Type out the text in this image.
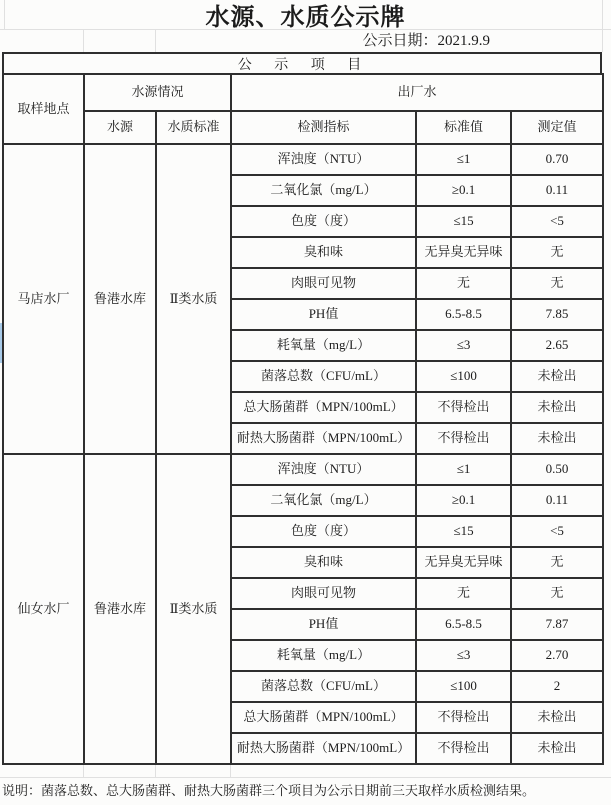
水源、水质公示牌
公示日期：2021.9.9
公 示 项 目
取样地点	水源情况		出厂水		
	水源	水质标准	检测指标	标准值	测定值
马店水厂	鲁港水库	Ⅱ类水质	浑浊度（NTU）	≤1	0.70
			二氧化氯（mg/L）	≥0.1	0.11
			色度（度）	≤15	<5
			臭和味	无异臭无异味	无
			肉眼可见物	无	无
			PH值	6.5-8.5	7.85
			耗氧量（mg/L）	≤3	2.65
			菌落总数（CFU/mL）	≤100	未检出
			总大肠菌群（MPN/100mL）	不得检出	未检出
			耐热大肠菌群（MPN/100mL）	不得检出	未检出
仙女水厂	鲁港水库	Ⅱ类水质	浑浊度（NTU）	≤1	0.50
			二氧化氯（mg/L）	≥0.1	0.11
			色度（度）	≤15	<5
			臭和味	无异臭无异味	无
			肉眼可见物	无	无
			PH值	6.5-8.5	7.87
			耗氧量（mg/L）	≤3	2.70
			菌落总数（CFU/mL）	≤100	2
			总大肠菌群（MPN/100mL）	不得检出	未检出
			耐热大肠菌群（MPN/100mL）	不得检出	未检出
说明：菌落总数、总大肠菌群、耐热大肠菌群三个项目为公示日期前三天取样水质检测结果。
